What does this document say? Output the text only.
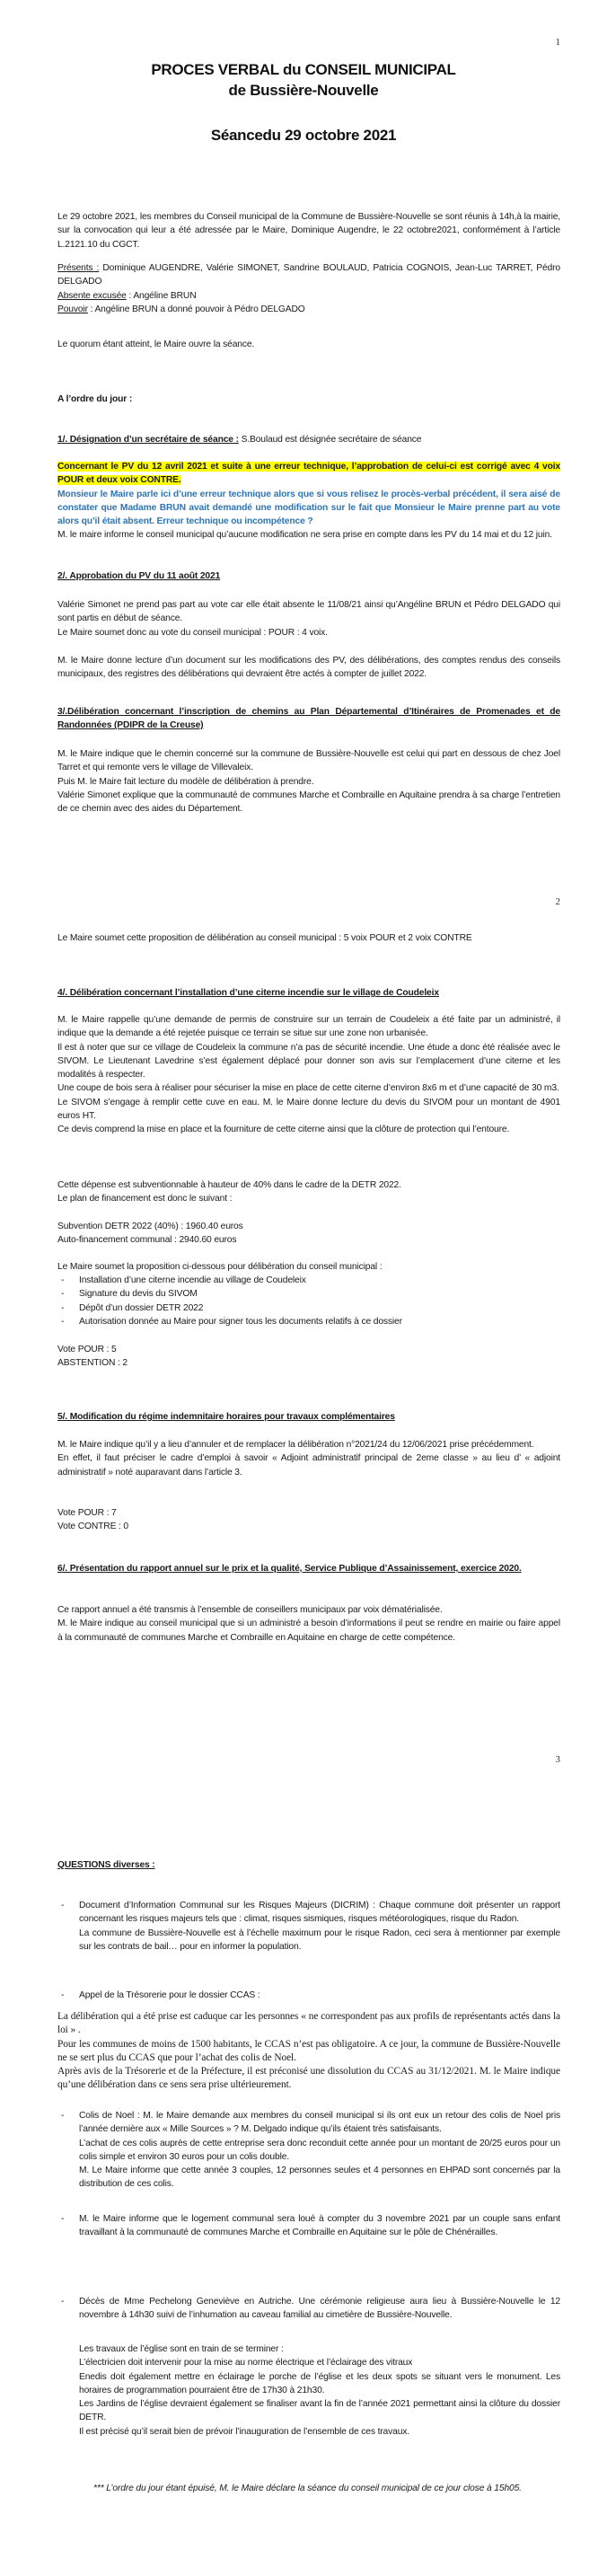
1
PROCES VERBAL du CONSEIL MUNICIPAL
de Bussière-Nouvelle
Séancedu 29 octobre 2021
Le 29 octobre 2021, les membres du Conseil municipal de la Commune de Bussière-Nouvelle se sont réunis à 14h,à la mairie, sur la convocation qui leur a été adressée par le Maire, Dominique Augendre, le 22 octobre2021, conformément à l’article L.2121.10 du CGCT.

Présents : Dominique AUGENDRE, Valérie SIMONET, Sandrine BOULAUD, Patricia COGNOIS, Jean-Luc TARRET, Pédro DELGADO

Absente excusée : Angéline BRUN

Pouvoir : Angéline BRUN a donné pouvoir à Pédro DELGADO

Le quorum étant atteint, le Maire ouvre la séance.
A l’ordre du jour :
1/. Désignation d’un secrétaire de séance : S.Boulaud est désignée secrétaire de séance

Concernant le PV du 12 avril 2021 et suite à une erreur technique, l’approbation de celui-ci est corrigé avec 4 voix POUR et deux voix CONTRE.

Monsieur le Maire parle ici d’une erreur technique alors que si vous relisez le procès-verbal précédent, il sera aisé de constater que Madame BRUN avait demandé une modification sur le fait que Monsieur le Maire prenne part au vote alors qu’il était absent. Erreur technique ou incompétence ?

M. le maire informe le conseil municipal qu’aucune modification ne sera prise en compte dans les PV du 14 mai et du 12 juin.

2/. Approbation du PV du 11 août 2021

Valérie Simonet ne prend pas part au vote car elle était absente le 11/08/21 ainsi qu’Angéline BRUN et Pédro DELGADO qui sont partis en début de séance.

Le Maire soumet donc au vote du conseil municipal : POUR : 4 voix.

M. le Maire donne lecture d’un document sur les modifications des PV, des délibérations, des comptes rendus des conseils municipaux, des registres des délibérations qui devraient être actés à compter de juillet 2022.
3/.Délibération concernant l’inscription de chemins au Plan Départemental d’Itinéraires de Promenades et de Randonnées (PDIPR de la Creuse)

M. le Maire indique que le chemin concerné sur la commune de Bussière-Nouvelle est celui qui part en dessous de chez Joel Tarret et qui remonte vers le village de Villevaleix.

Puis M. le Maire fait lecture du modèle de délibération à prendre.

Valérie Simonet explique que la communauté de communes Marche et Combraille en Aquitaine prendra à sa charge l’entretien de ce chemin avec des aides du Département.

2
Le Maire soumet cette proposition de délibération au conseil municipal : 5 voix POUR et 2 voix CONTRE
4/. Délibération concernant l’installation d’une citerne incendie sur le village de Coudeleix

M. le Maire rappelle qu’une demande de permis de construire sur un terrain de Coudeleix a été faite par un administré, il indique que la demande a été rejetée puisque ce terrain se situe sur une zone non urbanisée.

Il est à noter que sur ce village de Coudeleix la commune n’a pas de sécurité incendie. Une étude a donc été réalisée avec le SIVOM. Le Lieutenant Lavedrine s’est également déplacé pour donner son avis sur l’emplacement d’une citerne et les modalités à respecter.

Une coupe de bois sera à réaliser pour sécuriser la mise en place de cette citerne d’environ 8x6 m et d’une capacité de 30 m3.

Le SIVOM s’engage à remplir cette cuve en eau. M. le Maire donne lecture du devis du SIVOM pour un montant de 4901 euros HT.

Ce devis comprend la mise en place et la fourniture de cette citerne ainsi que la clôture de protection qui l’entoure.

Cette dépense est subventionnable à hauteur de 40% dans le cadre de la DETR 2022.

Le plan de financement est donc le suivant :

Subvention DETR 2022 (40%) : 1960.40 euros

Auto-financement communal : 2940.60 euros

Le Maire soumet la proposition ci-dessous pour délibération du conseil municipal :

- Installation d’une citerne incendie au village de Coudeleix

- Signature du devis du SIVOM

- Dépôt d’un dossier DETR 2022

- Autorisation donnée au Maire pour signer tous les documents relatifs à ce dossier

Vote POUR : 5

ABSTENTION : 2

5/. Modification du régime indemnitaire horaires pour travaux complémentaires

M. le Maire indique qu’il y a lieu d’annuler et de remplacer la délibération n°2021/24 du 12/06/2021 prise précédemment.

En effet, il faut préciser le cadre d’emploi à savoir « Adjoint administratif principal de 2eme classe » au lieu d’ « adjoint administratif » noté auparavant dans l’article 3.

Vote POUR : 7

Vote CONTRE : 0

6/. Présentation du rapport annuel sur le prix et la qualité, Service Publique d’Assainissement, exercice 2020.

Ce rapport annuel a été transmis à l’ensemble de conseillers municipaux par voix dématérialisée.

M. le Maire indique au conseil municipal que si un administré a besoin d’informations il peut se rendre en mairie ou faire appel à la communauté de communes Marche et Combraille en Aquitaine en charge de cette compétence.

3
QUESTIONS diverses :

- Document d’Information Communal sur les Risques Majeurs (DICRIM) : Chaque commune doit présenter un rapport concernant les risques majeurs tels que : climat, risques sismiques, risques météorologiques, risque du Radon.

La commune de Bussière-Nouvelle est à l’échelle maximum pour le risque Radon, ceci sera à mentionner par exemple sur les contrats de bail… pour en informer la population.

- Appel de la Trésorerie pour le dossier CCAS :

La délibération qui a été prise est caduque car les personnes « ne correspondent pas aux profils de représentants actés dans la loi » .

Pour les communes de moins de 1500 habitants, le CCAS n’est pas obligatoire. A ce jour, la commune de Bussière-Nouvelle ne se sert plus du CCAS que pour l’achat des colis de Noel.

Après avis de la Trésorerie et de la Préfecture, il est préconisé une dissolution du CCAS au 31/12/2021. M. le Maire indique qu’une délibération dans ce sens sera prise ultérieurement.

- Colis de Noel : M. le Maire demande aux membres du conseil municipal si ils ont eux un retour des colis de Noel pris l’année dernière aux « Mille Sources » ? M. Delgado indique qu’ils étaient très satisfaisants.

L’achat de ces colis auprès de cette entreprise sera donc reconduit cette année pour un montant de 20/25 euros pour un colis simple et environ 30 euros pour un colis double.

M. Le Maire informe que cette année 3 couples, 12 personnes seules et 4 personnes en EHPAD sont concernés par la distribution de ces colis.

- M. le Maire informe que le logement communal sera loué à compter du 3 novembre 2021 par un couple sans enfant travaillant à la communauté de communes Marche et Combraille en Aquitaine sur le pôle de Chénérailles.

- Décès de Mme Pechelong Geneviève en Autriche. Une cérémonie religieuse aura lieu à Bussière-Nouvelle le 12 novembre à 14h30 suivi de l’inhumation au caveau familial au cimetière de Bussière-Nouvelle.

Les travaux de l’église sont en train de se terminer :

L’électricien doit intervenir pour la mise au norme électrique et l’éclairage des vitraux

Enedis doit également mettre en éclairage le porche de l’église et les deux spots se situant vers le monument. Les horaires de programmation pourraient être de 17h30 à 21h30.

Les Jardins de l’église devraient également se finaliser avant la fin de l’année 2021 permettant ainsi la clôture du dossier DETR.

Il est précisé qu’il serait bien de prévoir l’inauguration de l’ensemble de ces travaux.

*** L’ordre du jour étant épuisé, M. le Maire déclare la séance du conseil municipal de ce jour close à 15h05.
